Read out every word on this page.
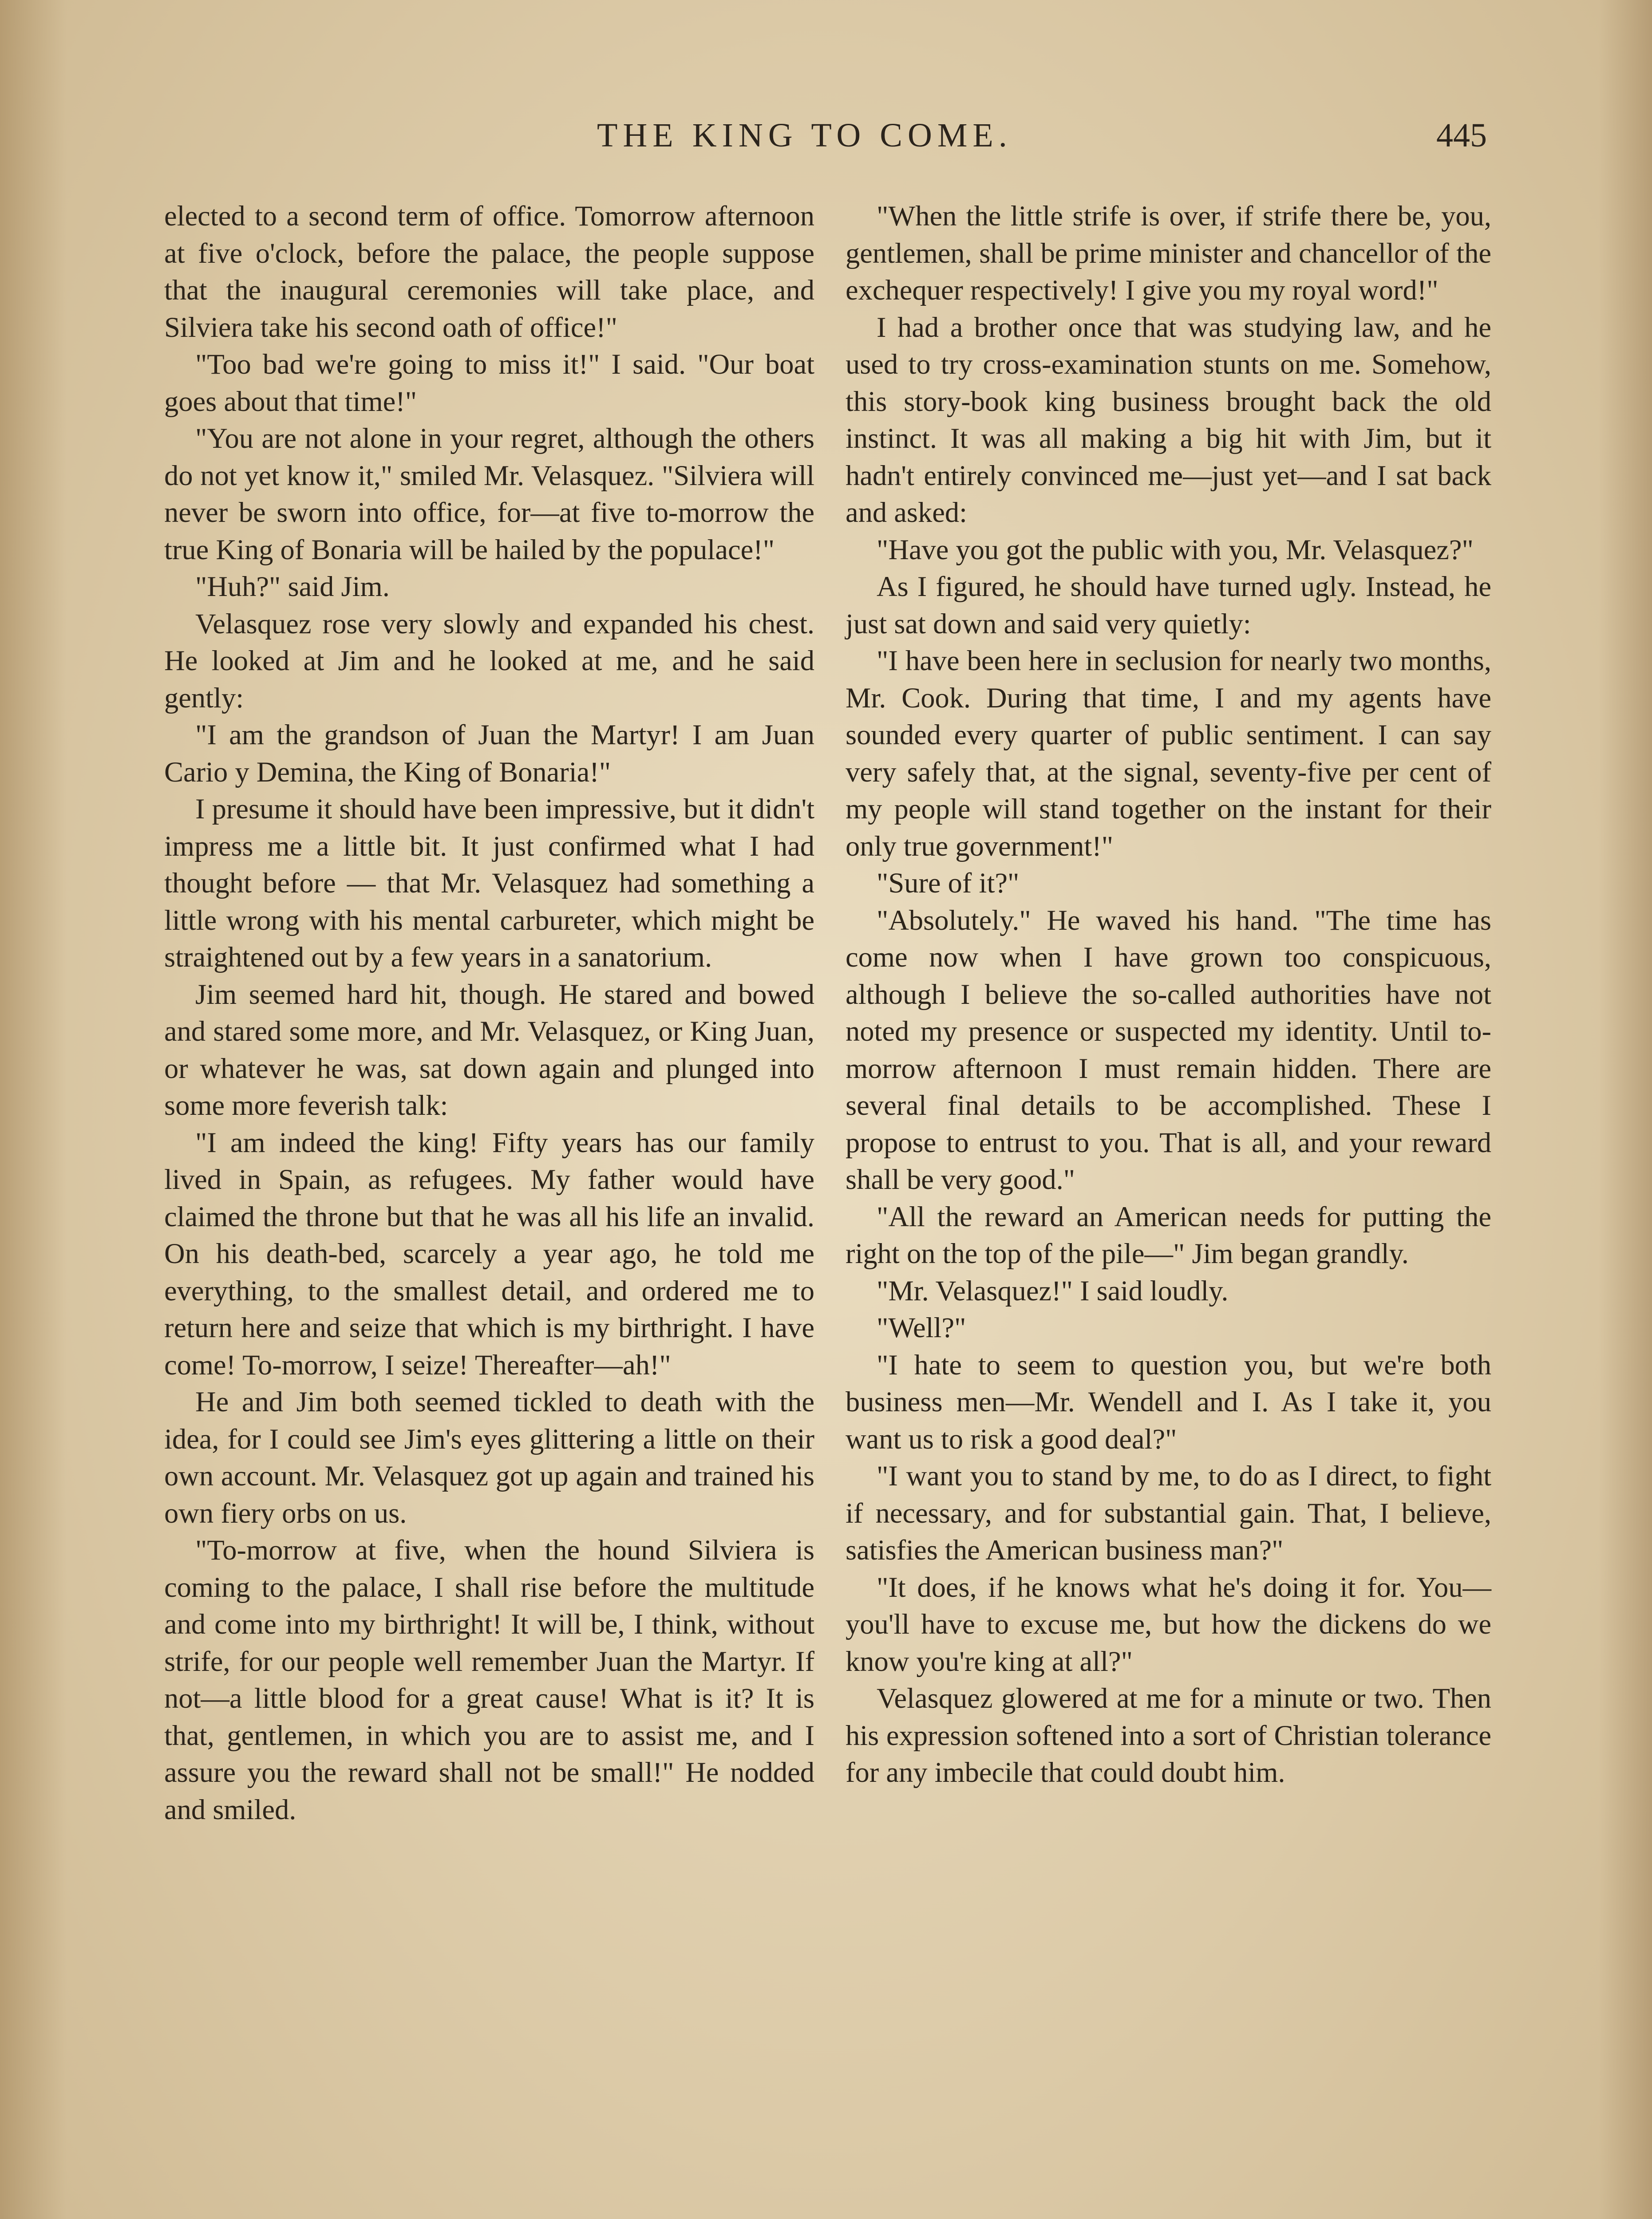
THE KING TO COME.	445

elected to a second term of office. Tomorrow afternoon at five o'clock, before the palace, the people suppose that the inaugural ceremonies will take place, and Silviera take his second oath of office!"

"Too bad we're going to miss it!" I said. "Our boat goes about that time!"

"You are not alone in your regret, although the others do not yet know it," smiled Mr. Velasquez. "Silviera will never be sworn into office, for—at five to-morrow the true King of Bonaria will be hailed by the populace!"

"Huh?" said Jim.

Velasquez rose very slowly and expanded his chest. He looked at Jim and he looked at me, and he said gently:

"I am the grandson of Juan the Martyr! I am Juan Cario y Demina, the King of Bonaria!"

I presume it should have been impressive, but it didn't impress me a little bit. It just confirmed what I had thought before — that Mr. Velasquez had something a little wrong with his mental carbureter, which might be straightened out by a few years in a sanatorium.

Jim seemed hard hit, though. He stared and bowed and stared some more, and Mr. Velasquez, or King Juan, or whatever he was, sat down again and plunged into some more feverish talk:

"I am indeed the king! Fifty years has our family lived in Spain, as refugees. My father would have claimed the throne but that he was all his life an invalid. On his death-bed, scarcely a year ago, he told me everything, to the smallest detail, and ordered me to return here and seize that which is my birthright. I have come! To-morrow, I seize! Thereafter—ah!"

He and Jim both seemed tickled to death with the idea, for I could see Jim's eyes glittering a little on their own account. Mr. Velasquez got up again and trained his own fiery orbs on us.

"To-morrow at five, when the hound Silviera is coming to the palace, I shall rise before the multitude and come into my birthright! It will be, I think, without strife, for our people well remember Juan the Martyr. If not—a little blood for a great cause! What is it? It is that, gentlemen, in which you are to assist me, and I assure you the reward shall not be small!" He nodded and smiled.

"When the little strife is over, if strife there be, you, gentlemen, shall be prime minister and chancellor of the exchequer respectively! I give you my royal word!"

I had a brother once that was studying law, and he used to try cross-examination stunts on me. Somehow, this story-book king business brought back the old instinct. It was all making a big hit with Jim, but it hadn't entirely convinced me—just yet—and I sat back and asked:

"Have you got the public with you, Mr. Velasquez?"

As I figured, he should have turned ugly. Instead, he just sat down and said very quietly:

"I have been here in seclusion for nearly two months, Mr. Cook. During that time, I and my agents have sounded every quarter of public sentiment. I can say very safely that, at the signal, seventy-five per cent of my people will stand together on the instant for their only true government!"

"Sure of it?"

"Absolutely." He waved his hand. "The time has come now when I have grown too conspicuous, although I believe the so-called authorities have not noted my presence or suspected my identity. Until to-morrow afternoon I must remain hidden. There are several final details to be accomplished. These I propose to entrust to you. That is all, and your reward shall be very good."

"All the reward an American needs for putting the right on the top of the pile—" Jim began grandly.

"Mr. Velasquez!" I said loudly.

"Well?"

"I hate to seem to question you, but we're both business men—Mr. Wendell and I. As I take it, you want us to risk a good deal?"

"I want you to stand by me, to do as I direct, to fight if necessary, and for substantial gain. That, I believe, satisfies the American business man?"

"It does, if he knows what he's doing it for. You—you'll have to excuse me, but how the dickens do we know you're king at all?"

Velasquez glowered at me for a minute or two. Then his expression softened into a sort of Christian tolerance for any imbecile that could doubt him.
